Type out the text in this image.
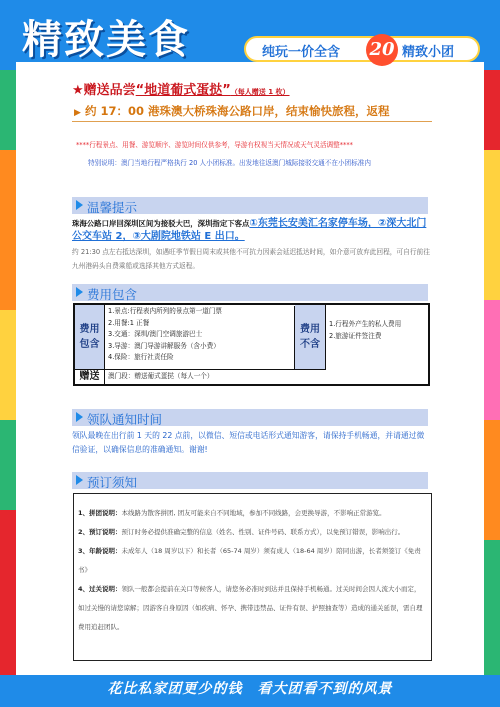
精致美食	纯玩一价全含 20 精致小团
★赠送品尝“地道葡式蛋挞”（每人赠送 1 枚）
▶ 约 17：00 港珠澳大桥珠海公路口岸，结束愉快旅程，返程
****行程景点、用餐、游览顺序、游览时间仅供参考，导游有权视当天情况或天气灵活调整****
特别说明：澳门当地行程严格执行 20 人小团标准。出发地往返澳门城际接驳交通不在小团标准内
温馨提示
珠海公路口岸回深圳区间为接驳大巴，深圳指定下客点①东莞长安美汇名家停车场，②深大北门公交车站 2，③大剧院地铁站 E 出口。
约 21:30 点左右抵达深圳，如遇旺季节假日周末或其他不可抗力因素会延迟抵达时间，如介意可放弃此回程，可自行前往九州港码头自费乘船或选择其他方式返程。
费用包含
费用
包含
1.景点:行程表内所列的景点第一道门票
2.用餐:1 正餐
3.交通：深圳/澳门空调旅游巴士
3.导游：澳门导游讲解服务（含小费）
4.保险：旅行社责任险
费用
不含
1.行程外产生的私人费用
2.旅游证件签注费
赠送	澳门段：赠送葡式蛋挞（每人一个）
领队通知时间
领队最晚在出行前 1 天的 22 点前，以微信、短信或电话形式通知游客，请保持手机畅通，并请通过微信验证，以确保信息的准确通知。谢谢!
预订须知
1、拼团说明：本线路为散客拼团, 团友可能来自不同地域，参加不同线路，会更换导游，不影响正常游览。
2、预订说明：预订时务必提供准确完整的信息（姓名、性别、证件号码、联系方式），以免预订错误，影响出行。
3、年龄说明：未成年人（18 周岁以下）和长者（65-74 周岁）须有成人（18-64 周岁）陪同出游，长者须签订《免责书》
4、过关说明：领队一般都会提前在关口等候客人，请您务必准时到达并且保持手机畅通。过关时间会因人流大小而定，如过关慢的请您谅解；因游客自身原因（如疾病、怀孕、携带违禁品、证件有误、护照抽查等）造成的通关延误，需自理费用追赶团队。
花比私家团更少的钱　看大团看不到的风景
